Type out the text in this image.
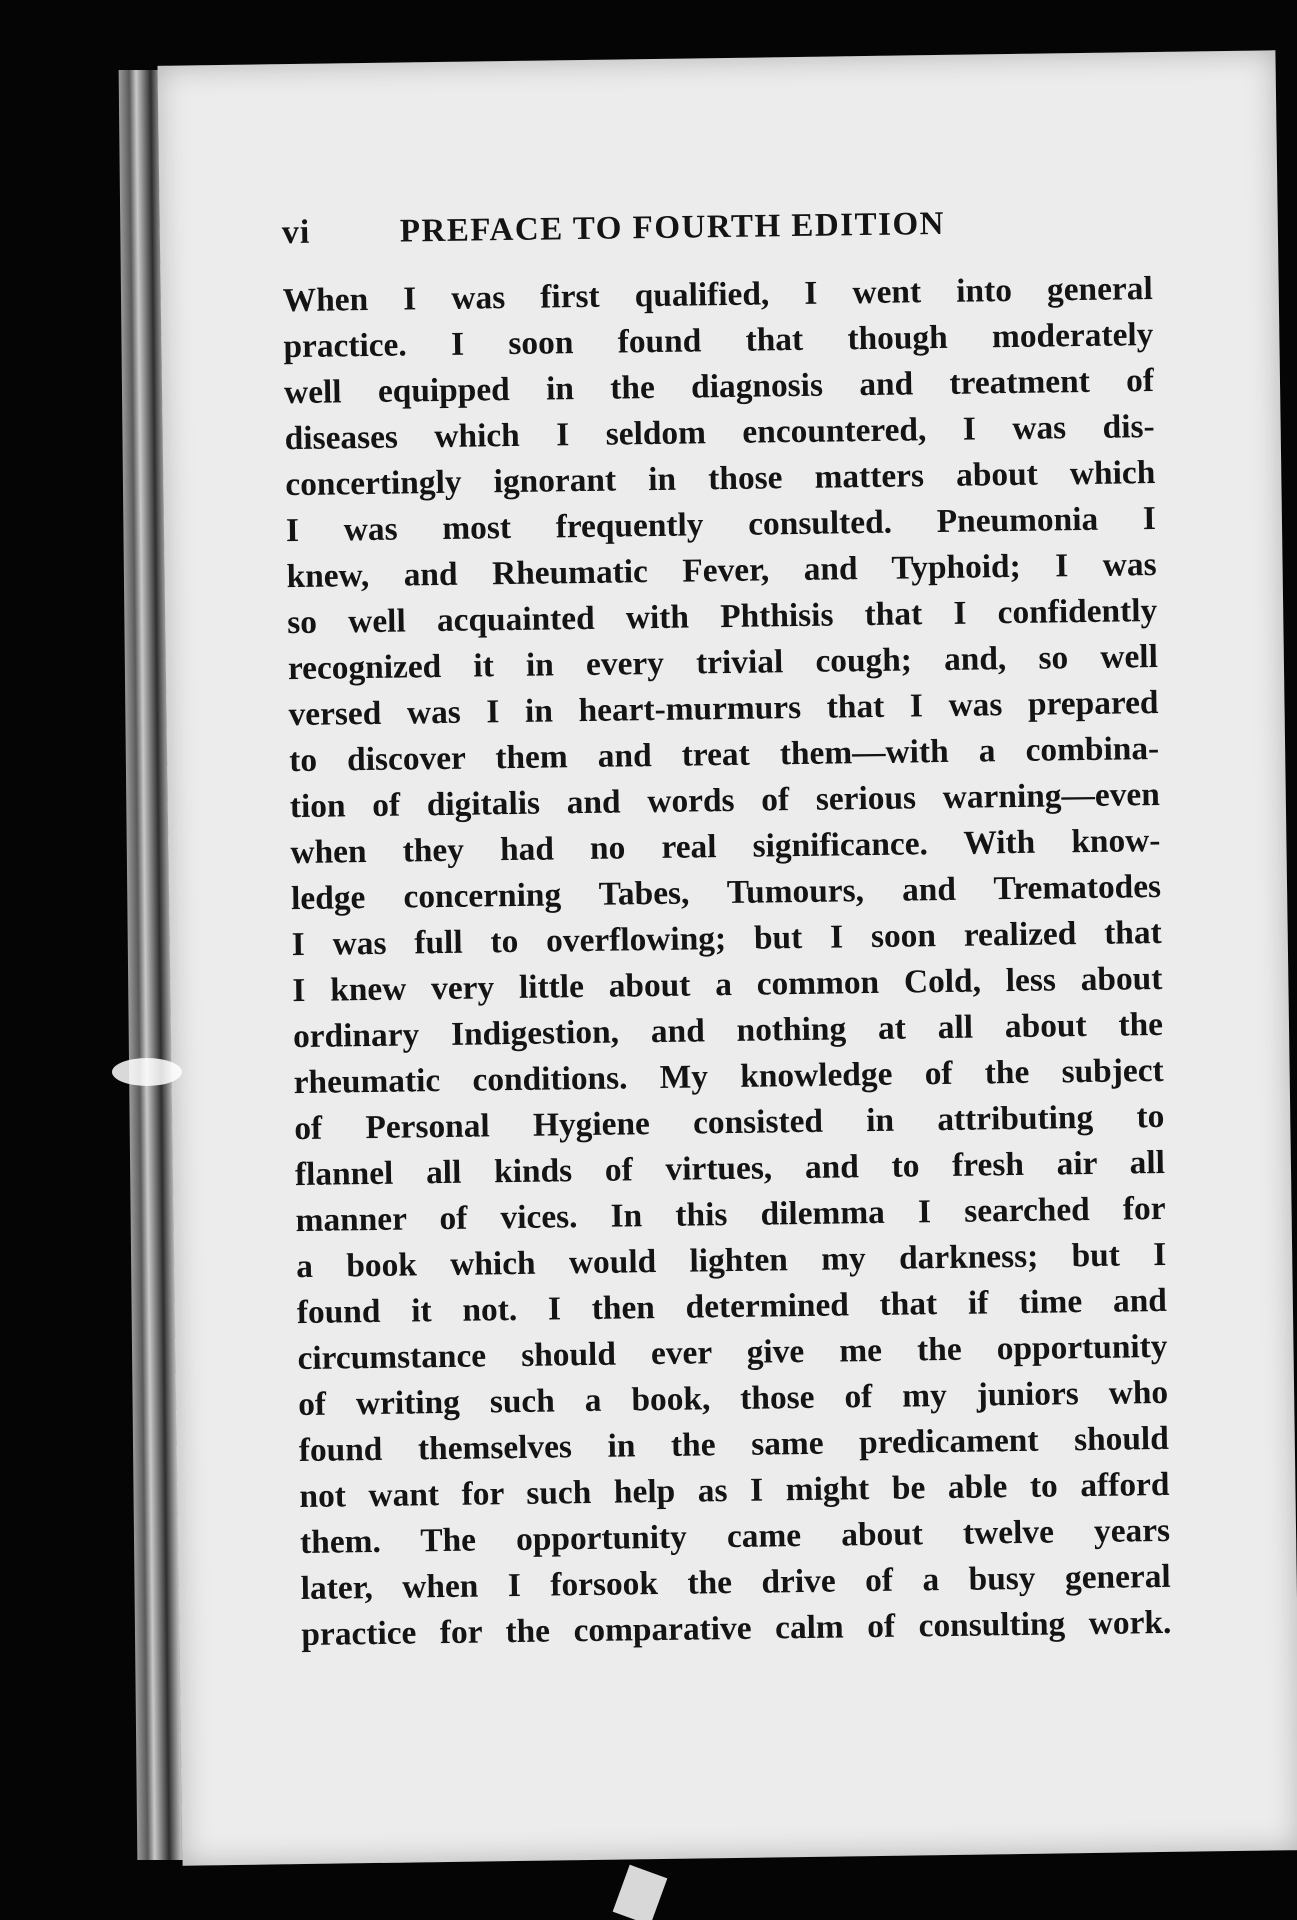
vi	PREFACE TO FOURTH EDITION
When I was first qualified, I went into general
practice. I soon found that though moderately
well equipped in the diagnosis and treatment of
diseases which I seldom encountered, I was dis-
concertingly ignorant in those matters about which
I was most frequently consulted. Pneumonia I
knew, and Rheumatic Fever, and Typhoid; I was
so well acquainted with Phthisis that I confidently
recognized it in every trivial cough; and, so well
versed was I in heart-murmurs that I was prepared
to discover them and treat them—with a combina-
tion of digitalis and words of serious warning—even
when they had no real significance. With know-
ledge concerning Tabes, Tumours, and Trematodes
I was full to overflowing; but I soon realized that
I knew very little about a common Cold, less about
ordinary Indigestion, and nothing at all about the
rheumatic conditions. My knowledge of the subject
of Personal Hygiene consisted in attributing to
flannel all kinds of virtues, and to fresh air all
manner of vices. In this dilemma I searched for
a book which would lighten my darkness; but I
found it not. I then determined that if time and
circumstance should ever give me the opportunity
of writing such a book, those of my juniors who
found themselves in the same predicament should
not want for such help as I might be able to afford
them. The opportunity came about twelve years
later, when I forsook the drive of a busy general
practice for the comparative calm of consulting work.
